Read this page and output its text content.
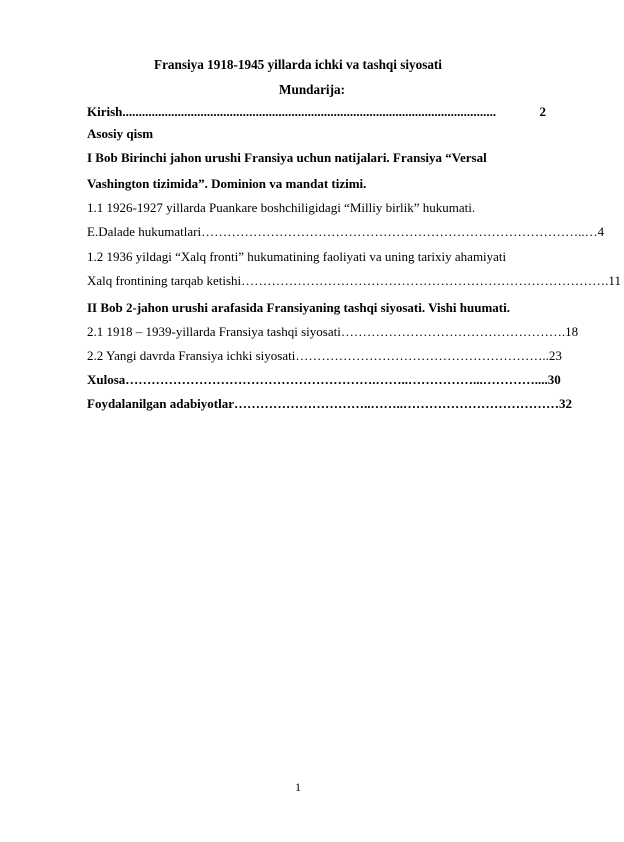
Fransiya 1918-1945 yillarda ichki va tashqi siyosati
Mundarija:
Kirish ...................................................................................................................	2
Asosiy qism
I Bob Birinchi jahon urushi Fransiya uchun natijalari. Fransiya “Versal
Vashington tizimida”. Dominion va mandat tizimi.
1.1 1926-1927 yillarda Puankare boshchiligidagi “Milliy birlik” hukumati.
E.Dalade hukumatlari ……………………………………………………………………………..… 4
1.2 1936 yildagi “Xalq fronti” hukumatining faoliyati va uning tarixiy ahamiyati
Xalq frontining tarqab ketishi …………………………………………………………………………. 11
II Bob 2-jahon urushi arafasida Fransiyaning tashqi siyosati. Vishi huumati.
2.1 1918 – 1939-yillarda Fransiya tashqi siyosati ……………………………………………. 18
2.2 Yangi davrda Fransiya ichki siyosati ………………………………………………….. 23
Xulosa ………………………………………………….……..……………...………….... 30
Foydalanilgan adabiyotlar …………………………..……..……………………………… 32
1
